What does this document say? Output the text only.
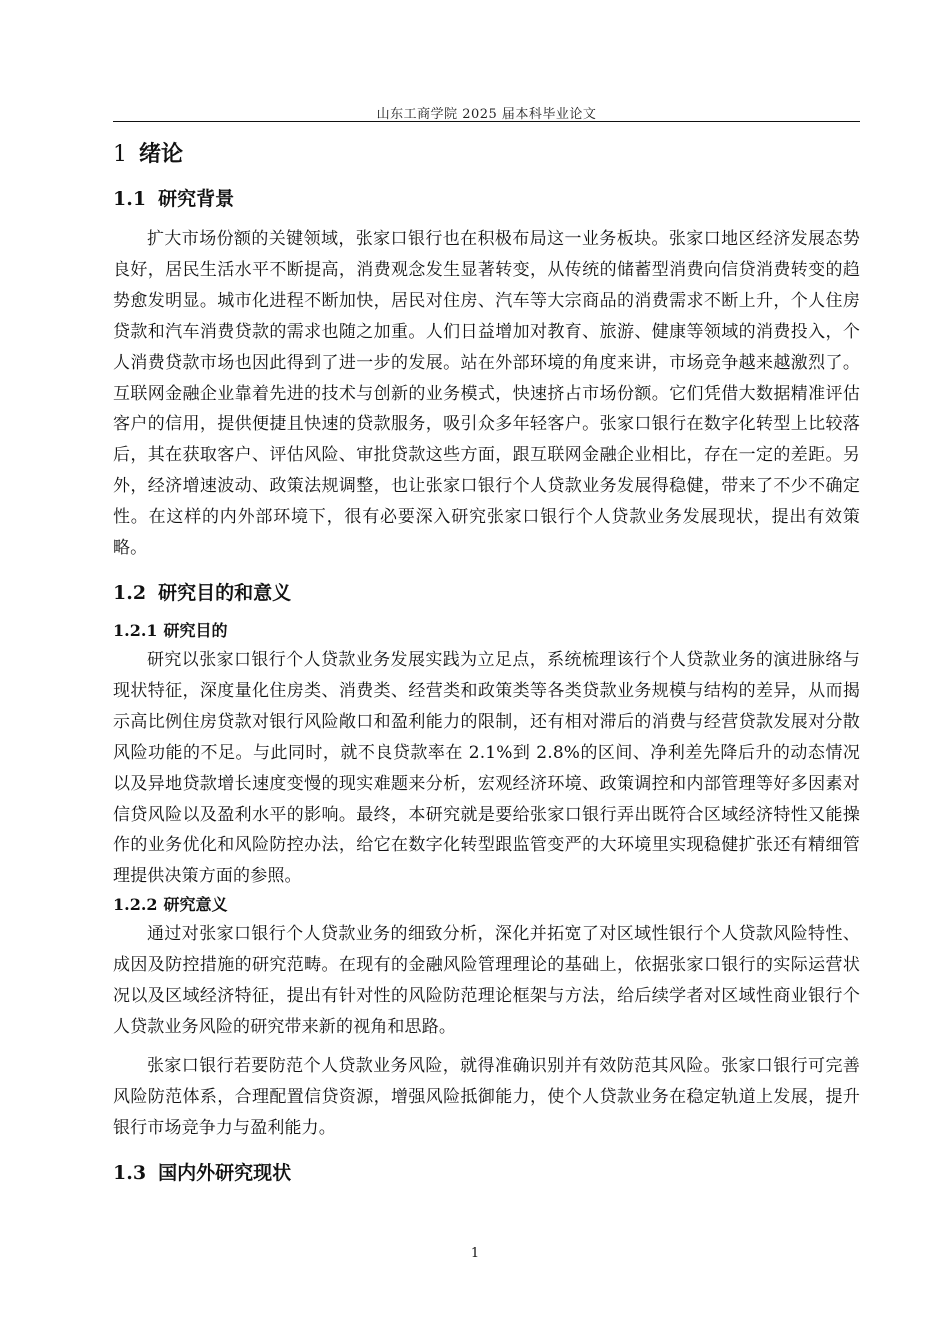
山东工商学院 2025 届本科毕业论文
1 绪论
1.1 研究背景

扩大市场份额的关键领域，张家口银行也在积极布局这一业务板块。张家口地区经济发展态势良好，居民生活水平不断提高，消费观念发生显著转变，从传统的储蓄型消费向信贷消费转变的趋势愈发明显。城市化进程不断加快，居民对住房、汽车等大宗商品的消费需求不断上升，个人住房贷款和汽车消费贷款的需求也随之加重。人们日益增加对教育、旅游、健康等领域的消费投入，个人消费贷款市场也因此得到了进一步的发展。站在外部环境的角度来讲，市场竞争越来越激烈了。互联网金融企业靠着先进的技术与创新的业务模式，快速挤占市场份额。它们凭借大数据精准评估客户的信用，提供便捷且快速的贷款服务，吸引众多年轻客户。张家口银行在数字化转型上比较落后，其在获取客户、评估风险、审批贷款这些方面，跟互联网金融企业相比，存在一定的差距。另外，经济增速波动、政策法规调整，也让张家口银行个人贷款业务发展得稳健，带来了不少不确定性。在这样的内外部环境下，很有必要深入研究张家口银行个人贷款业务发展现状，提出有效策略。

1.2 研究目的和意义
1.2.1 研究目的

研究以张家口银行个人贷款业务发展实践为立足点，系统梳理该行个人贷款业务的演进脉络与现状特征，深度量化住房类、消费类、经营类和政策类等各类贷款业务规模与结构的差异，从而揭示高比例住房贷款对银行风险敞口和盈利能力的限制，还有相对滞后的消费与经营贷款发展对分散风险功能的不足。与此同时，就不良贷款率在 2.1%到 2.8%的区间、净利差先降后升的动态情况以及异地贷款增长速度变慢的现实难题来分析，宏观经济环境、政策调控和内部管理等好多因素对信贷风险以及盈利水平的影响。最终，本研究就是要给张家口银行弄出既符合区域经济特性又能操作的业务优化和风险防控办法，给它在数字化转型跟监管变严的大环境里实现稳健扩张还有精细管理提供决策方面的参照。

1.2.2 研究意义

通过对张家口银行个人贷款业务的细致分析，深化并拓宽了对区域性银行个人贷款风险特性、成因及防控措施的研究范畴。在现有的金融风险管理理论的基础上，依据张家口银行的实际运营状况以及区域经济特征，提出有针对性的风险防范理论框架与方法，给后续学者对区域性商业银行个人贷款业务风险的研究带来新的视角和思路。

张家口银行若要防范个人贷款业务风险，就得准确识别并有效防范其风险。张家口银行可完善风险防范体系，合理配置信贷资源，增强风险抵御能力，使个人贷款业务在稳定轨道上发展，提升银行市场竞争力与盈利能力。

1.3 国内外研究现状
1
